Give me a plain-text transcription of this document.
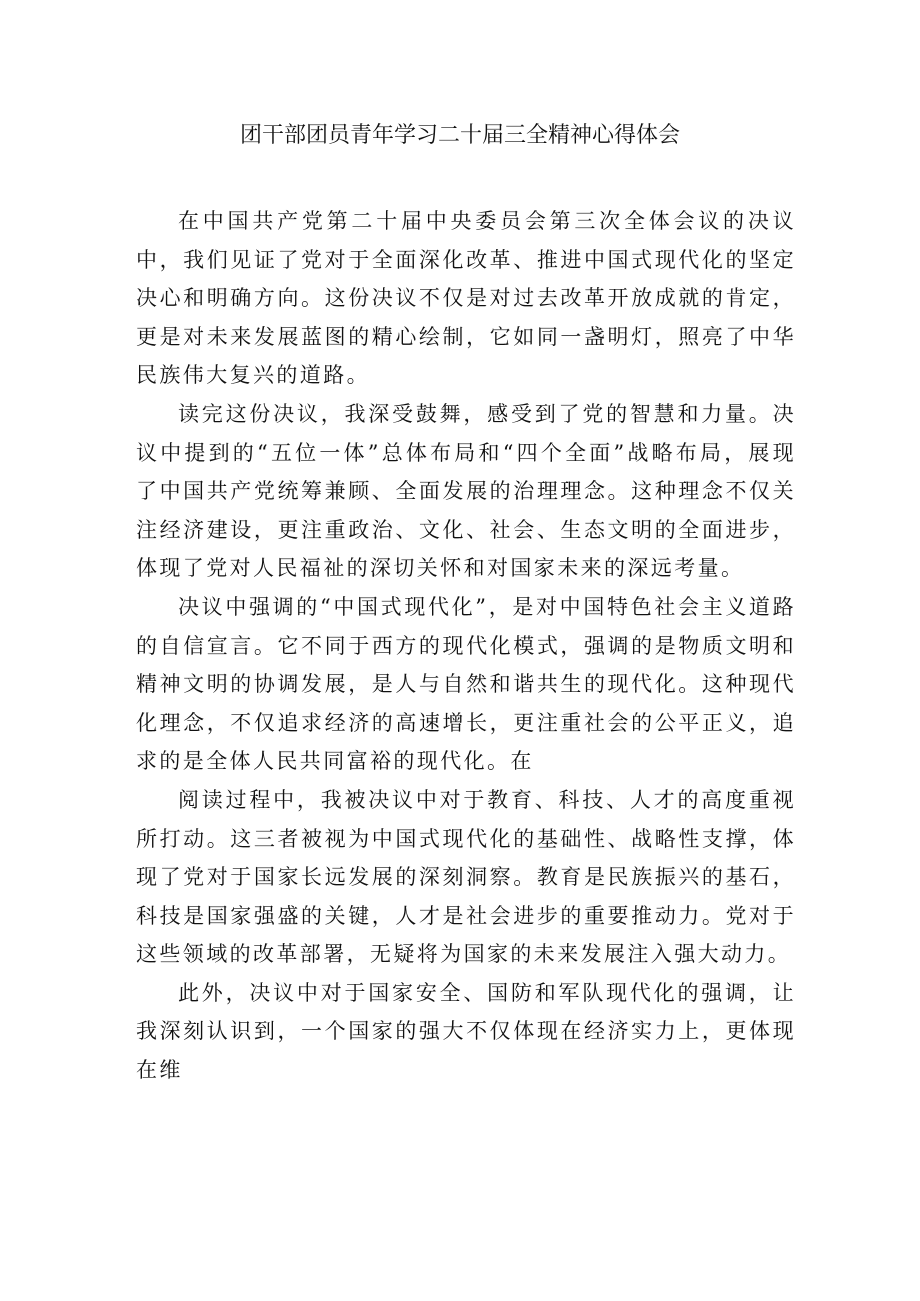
团干部团员青年学习二十届三全精神心得体会

在中国共产党第二十届中央委员会第三次全体会议的决议中，我们见证了党对于全面深化改革、推进中国式现代化的坚定决心和明确方向。这份决议不仅是对过去改革开放成就的肯定，更是对未来发展蓝图的精心绘制，它如同一盏明灯，照亮了中华民族伟大复兴的道路。

读完这份决议，我深受鼓舞，感受到了党的智慧和力量。决议中提到的“五位一体”总体布局和“四个全面”战略布局，展现了中国共产党统筹兼顾、全面发展的治理理念。这种理念不仅关注经济建设，更注重政治、文化、社会、生态文明的全面进步，体现了党对人民福祉的深切关怀和对国家未来的深远考量。

决议中强调的“中国式现代化”，是对中国特色社会主义道路的自信宣言。它不同于西方的现代化模式，强调的是物质文明和精神文明的协调发展，是人与自然和谐共生的现代化。这种现代化理念，不仅追求经济的高速增长，更注重社会的公平正义，追求的是全体人民共同富裕的现代化。在

阅读过程中，我被决议中对于教育、科技、人才的高度重视所打动。这三者被视为中国式现代化的基础性、战略性支撑，体现了党对于国家长远发展的深刻洞察。教育是民族振兴的基石，科技是国家强盛的关键，人才是社会进步的重要推动力。党对于这些领域的改革部署，无疑将为国家的未来发展注入强大动力。

此外，决议中对于国家安全、国防和军队现代化的强调，让我深刻认识到，一个国家的强大不仅体现在经济实力上，更体现在维
